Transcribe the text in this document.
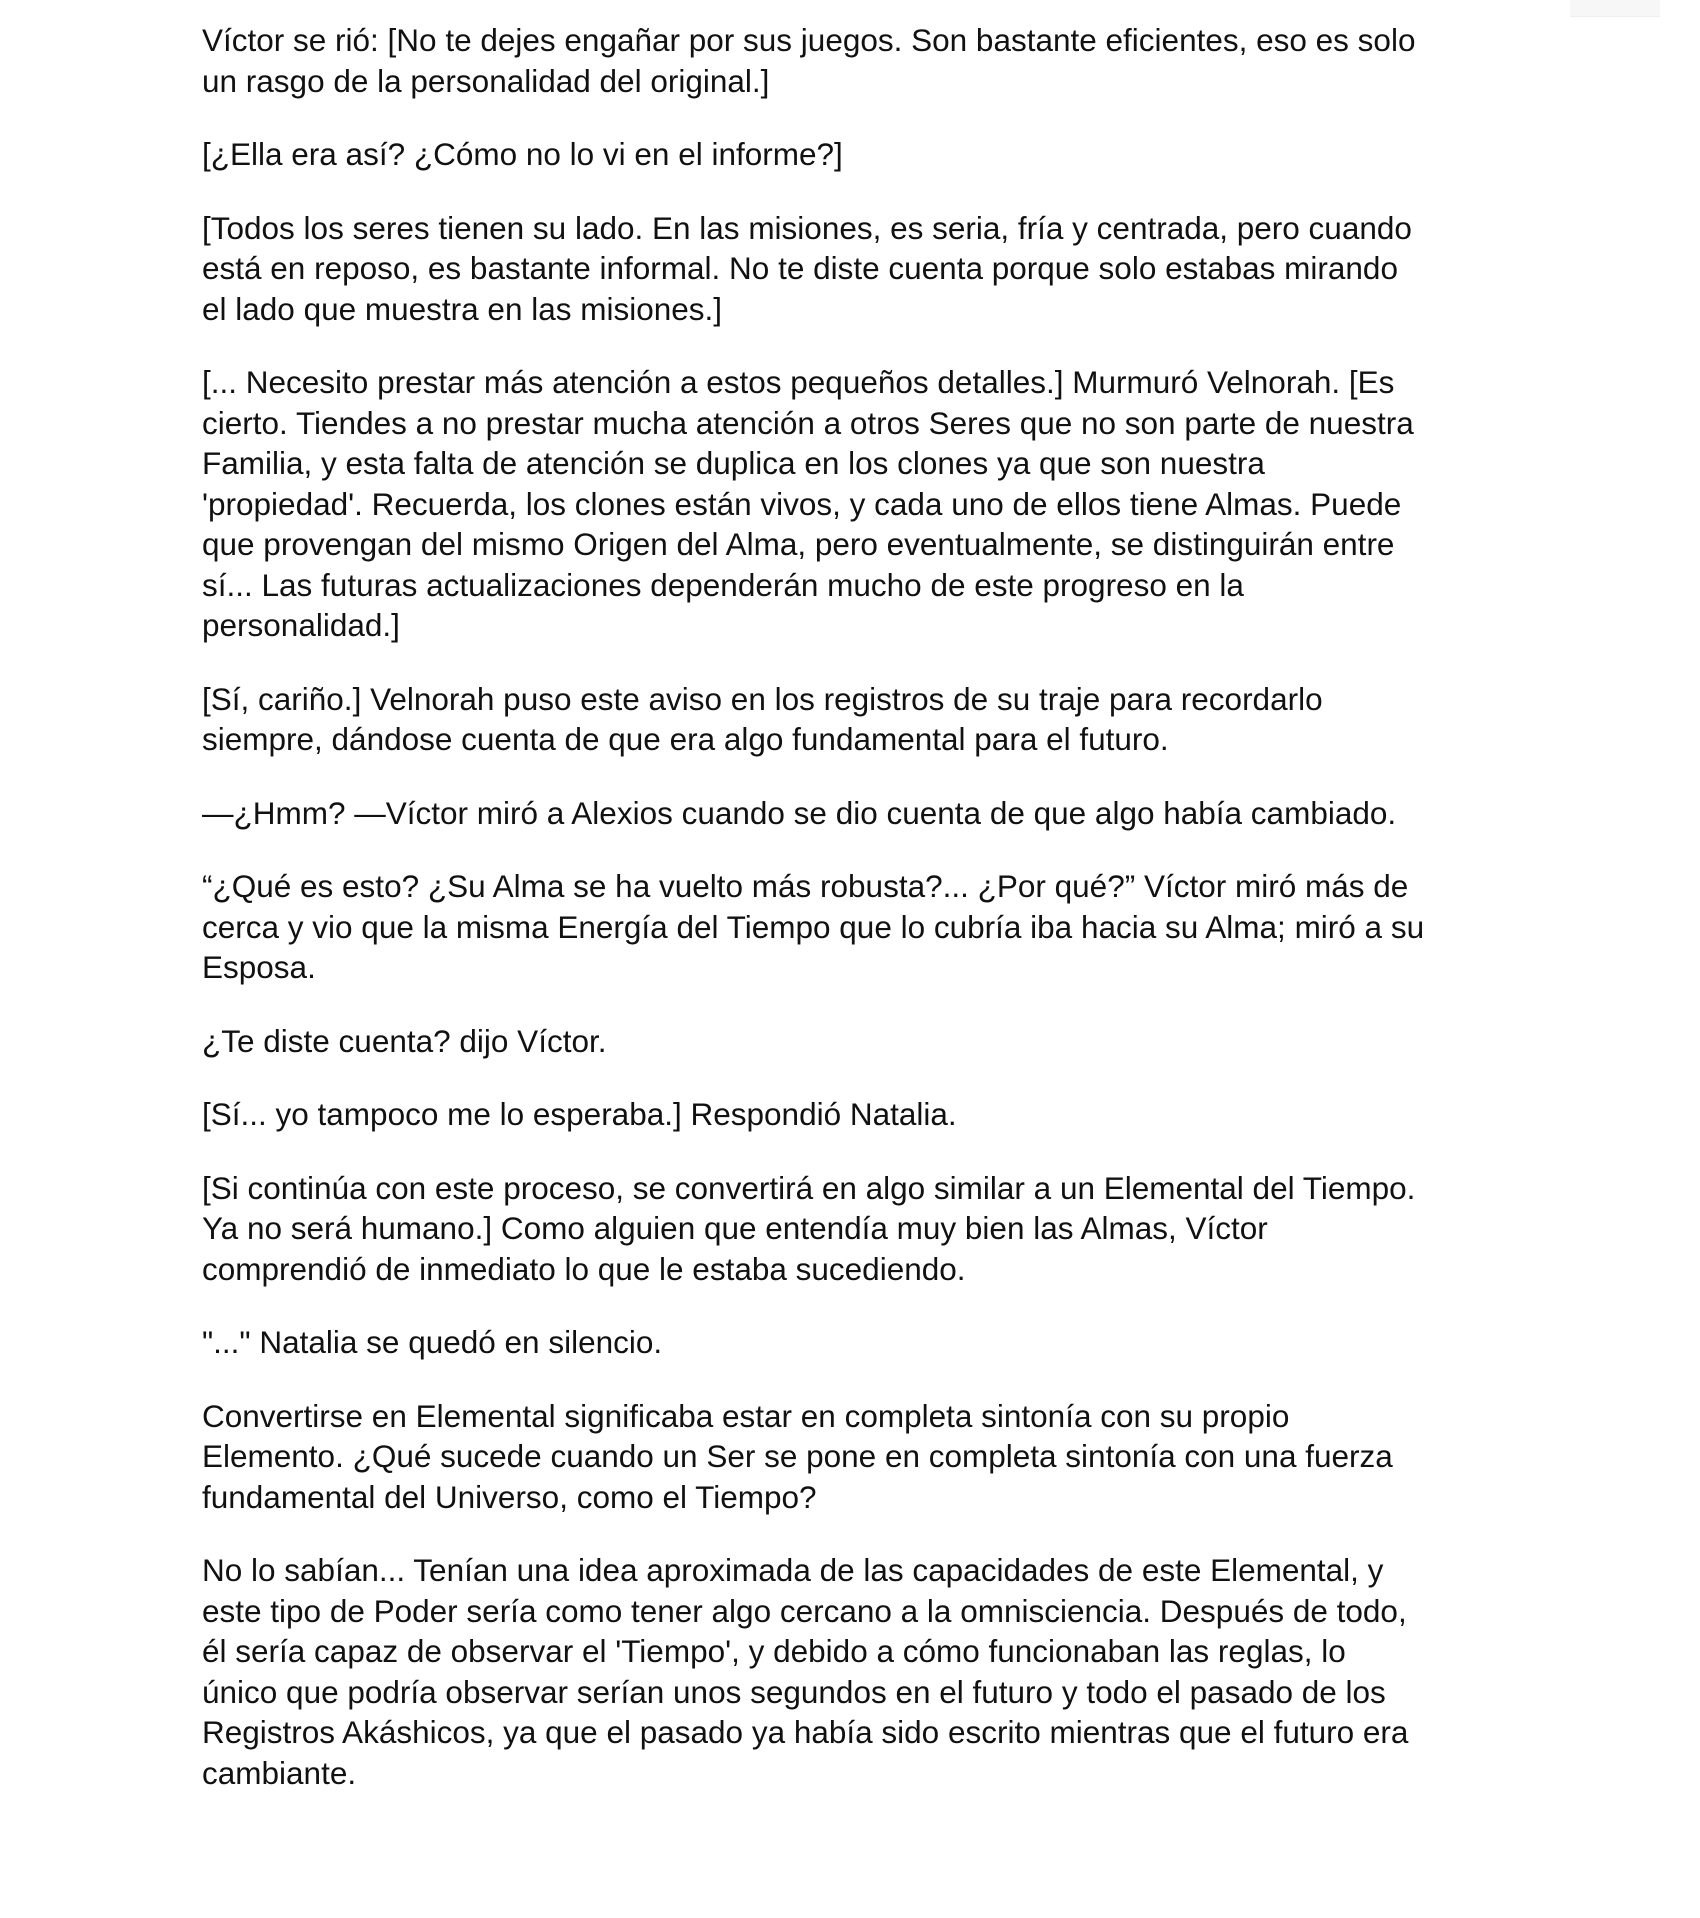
Víctor se rió: [No te dejes engañar por sus juegos. Son bastante eficientes, eso es solo
un rasgo de la personalidad del original.]

[¿Ella era así? ¿Cómo no lo vi en el informe?]

[Todos los seres tienen su lado. En las misiones, es seria, fría y centrada, pero cuando
está en reposo, es bastante informal. No te diste cuenta porque solo estabas mirando
el lado que muestra en las misiones.]

[... Necesito prestar más atención a estos pequeños detalles.] Murmuró Velnorah. [Es
cierto. Tiendes a no prestar mucha atención a otros Seres que no son parte de nuestra
Familia, y esta falta de atención se duplica en los clones ya que son nuestra
'propiedad'. Recuerda, los clones están vivos, y cada uno de ellos tiene Almas. Puede
que provengan del mismo Origen del Alma, pero eventualmente, se distinguirán entre
sí... Las futuras actualizaciones dependerán mucho de este progreso en la
personalidad.]

[Sí, cariño.] Velnorah puso este aviso en los registros de su traje para recordarlo
siempre, dándose cuenta de que era algo fundamental para el futuro.

—¿Hmm? —Víctor miró a Alexios cuando se dio cuenta de que algo había cambiado.

“¿Qué es esto? ¿Su Alma se ha vuelto más robusta?... ¿Por qué?” Víctor miró más de
cerca y vio que la misma Energía del Tiempo que lo cubría iba hacia su Alma; miró a su
Esposa.

¿Te diste cuenta? dijo Víctor.

[Sí... yo tampoco me lo esperaba.] Respondió Natalia.

[Si continúa con este proceso, se convertirá en algo similar a un Elemental del Tiempo.
Ya no será humano.] Como alguien que entendía muy bien las Almas, Víctor
comprendió de inmediato lo que le estaba sucediendo.

"..." Natalia se quedó en silencio.

Convertirse en Elemental significaba estar en completa sintonía con su propio
Elemento. ¿Qué sucede cuando un Ser se pone en completa sintonía con una fuerza
fundamental del Universo, como el Tiempo?

No lo sabían... Tenían una idea aproximada de las capacidades de este Elemental, y
este tipo de Poder sería como tener algo cercano a la omnisciencia. Después de todo,
él sería capaz de observar el 'Tiempo', y debido a cómo funcionaban las reglas, lo
único que podría observar serían unos segundos en el futuro y todo el pasado de los
Registros Akáshicos, ya que el pasado ya había sido escrito mientras que el futuro era
cambiante.
